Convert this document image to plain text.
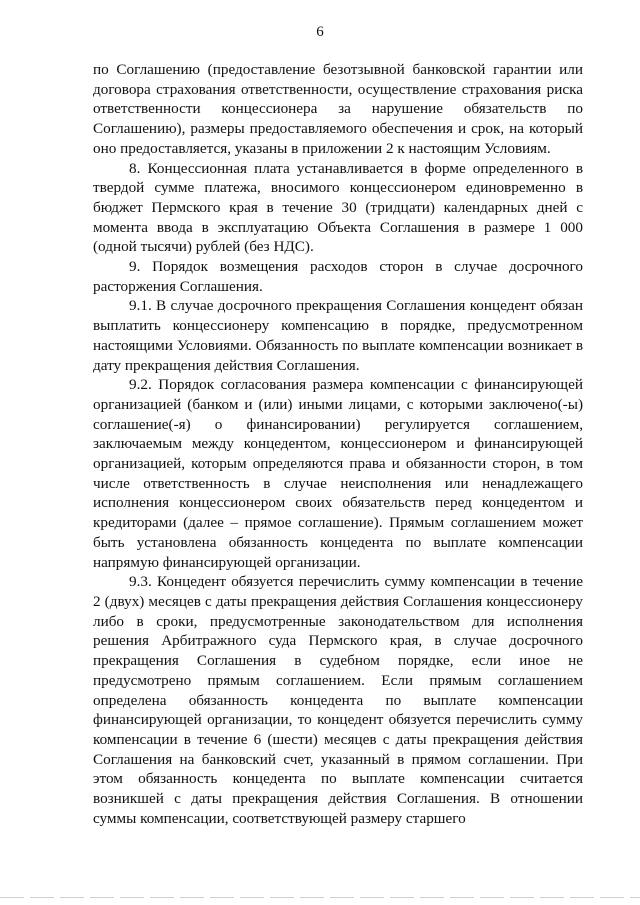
6

по Соглашению (предоставление безотзывной банковской гарантии или договора страхования ответственности, осуществление страхования риска ответственности концессионера за нарушение обязательств по Соглашению), размеры предоставляемого обеспечения и срок, на который оно предоставляется, указаны в приложении 2 к настоящим Условиям.

8. Концессионная плата устанавливается в форме определенного в твердой сумме платежа, вносимого концессионером единовременно в бюджет Пермского края в течение 30 (тридцати) календарных дней с момента ввода в эксплуатацию Объекта Соглашения в размере 1 000 (одной тысячи) рублей (без НДС).

9. Порядок возмещения расходов сторон в случае досрочного расторжения Соглашения.

9.1. В случае досрочного прекращения Соглашения концедент обязан выплатить концессионеру компенсацию в порядке, предусмотренном настоящими Условиями. Обязанность по выплате компенсации возникает в дату прекращения действия Соглашения.

9.2. Порядок согласования размера компенсации с финансирующей организацией (банком и (или) иными лицами, с которыми заключено(-ы) соглашение(-я) о финансировании) регулируется соглашением, заключаемым между концедентом, концессионером и финансирующей организацией, которым определяются права и обязанности сторон, в том числе ответственность в случае неисполнения или ненадлежащего исполнения концессионером своих обязательств перед концедентом и кредиторами (далее – прямое соглашение). Прямым соглашением может быть установлена обязанность концедента по выплате компенсации напрямую финансирующей организации.

9.3. Концедент обязуется перечислить сумму компенсации в течение 2 (двух) месяцев с даты прекращения действия Соглашения концессионеру либо в сроки, предусмотренные законодательством для исполнения решения Арбитражного суда Пермского края, в случае досрочного прекращения Соглашения в судебном порядке, если иное не предусмотрено прямым соглашением. Если прямым соглашением определена обязанность концедента по выплате компенсации финансирующей организации, то концедент обязуется перечислить сумму компенсации в течение 6 (шести) месяцев с даты прекращения действия Соглашения на банковский счет, указанный в прямом соглашении. При этом обязанность концедента по выплате компенсации считается возникшей с даты прекращения действия Соглашения. В отношении суммы компенсации, соответствующей размеру старшего
